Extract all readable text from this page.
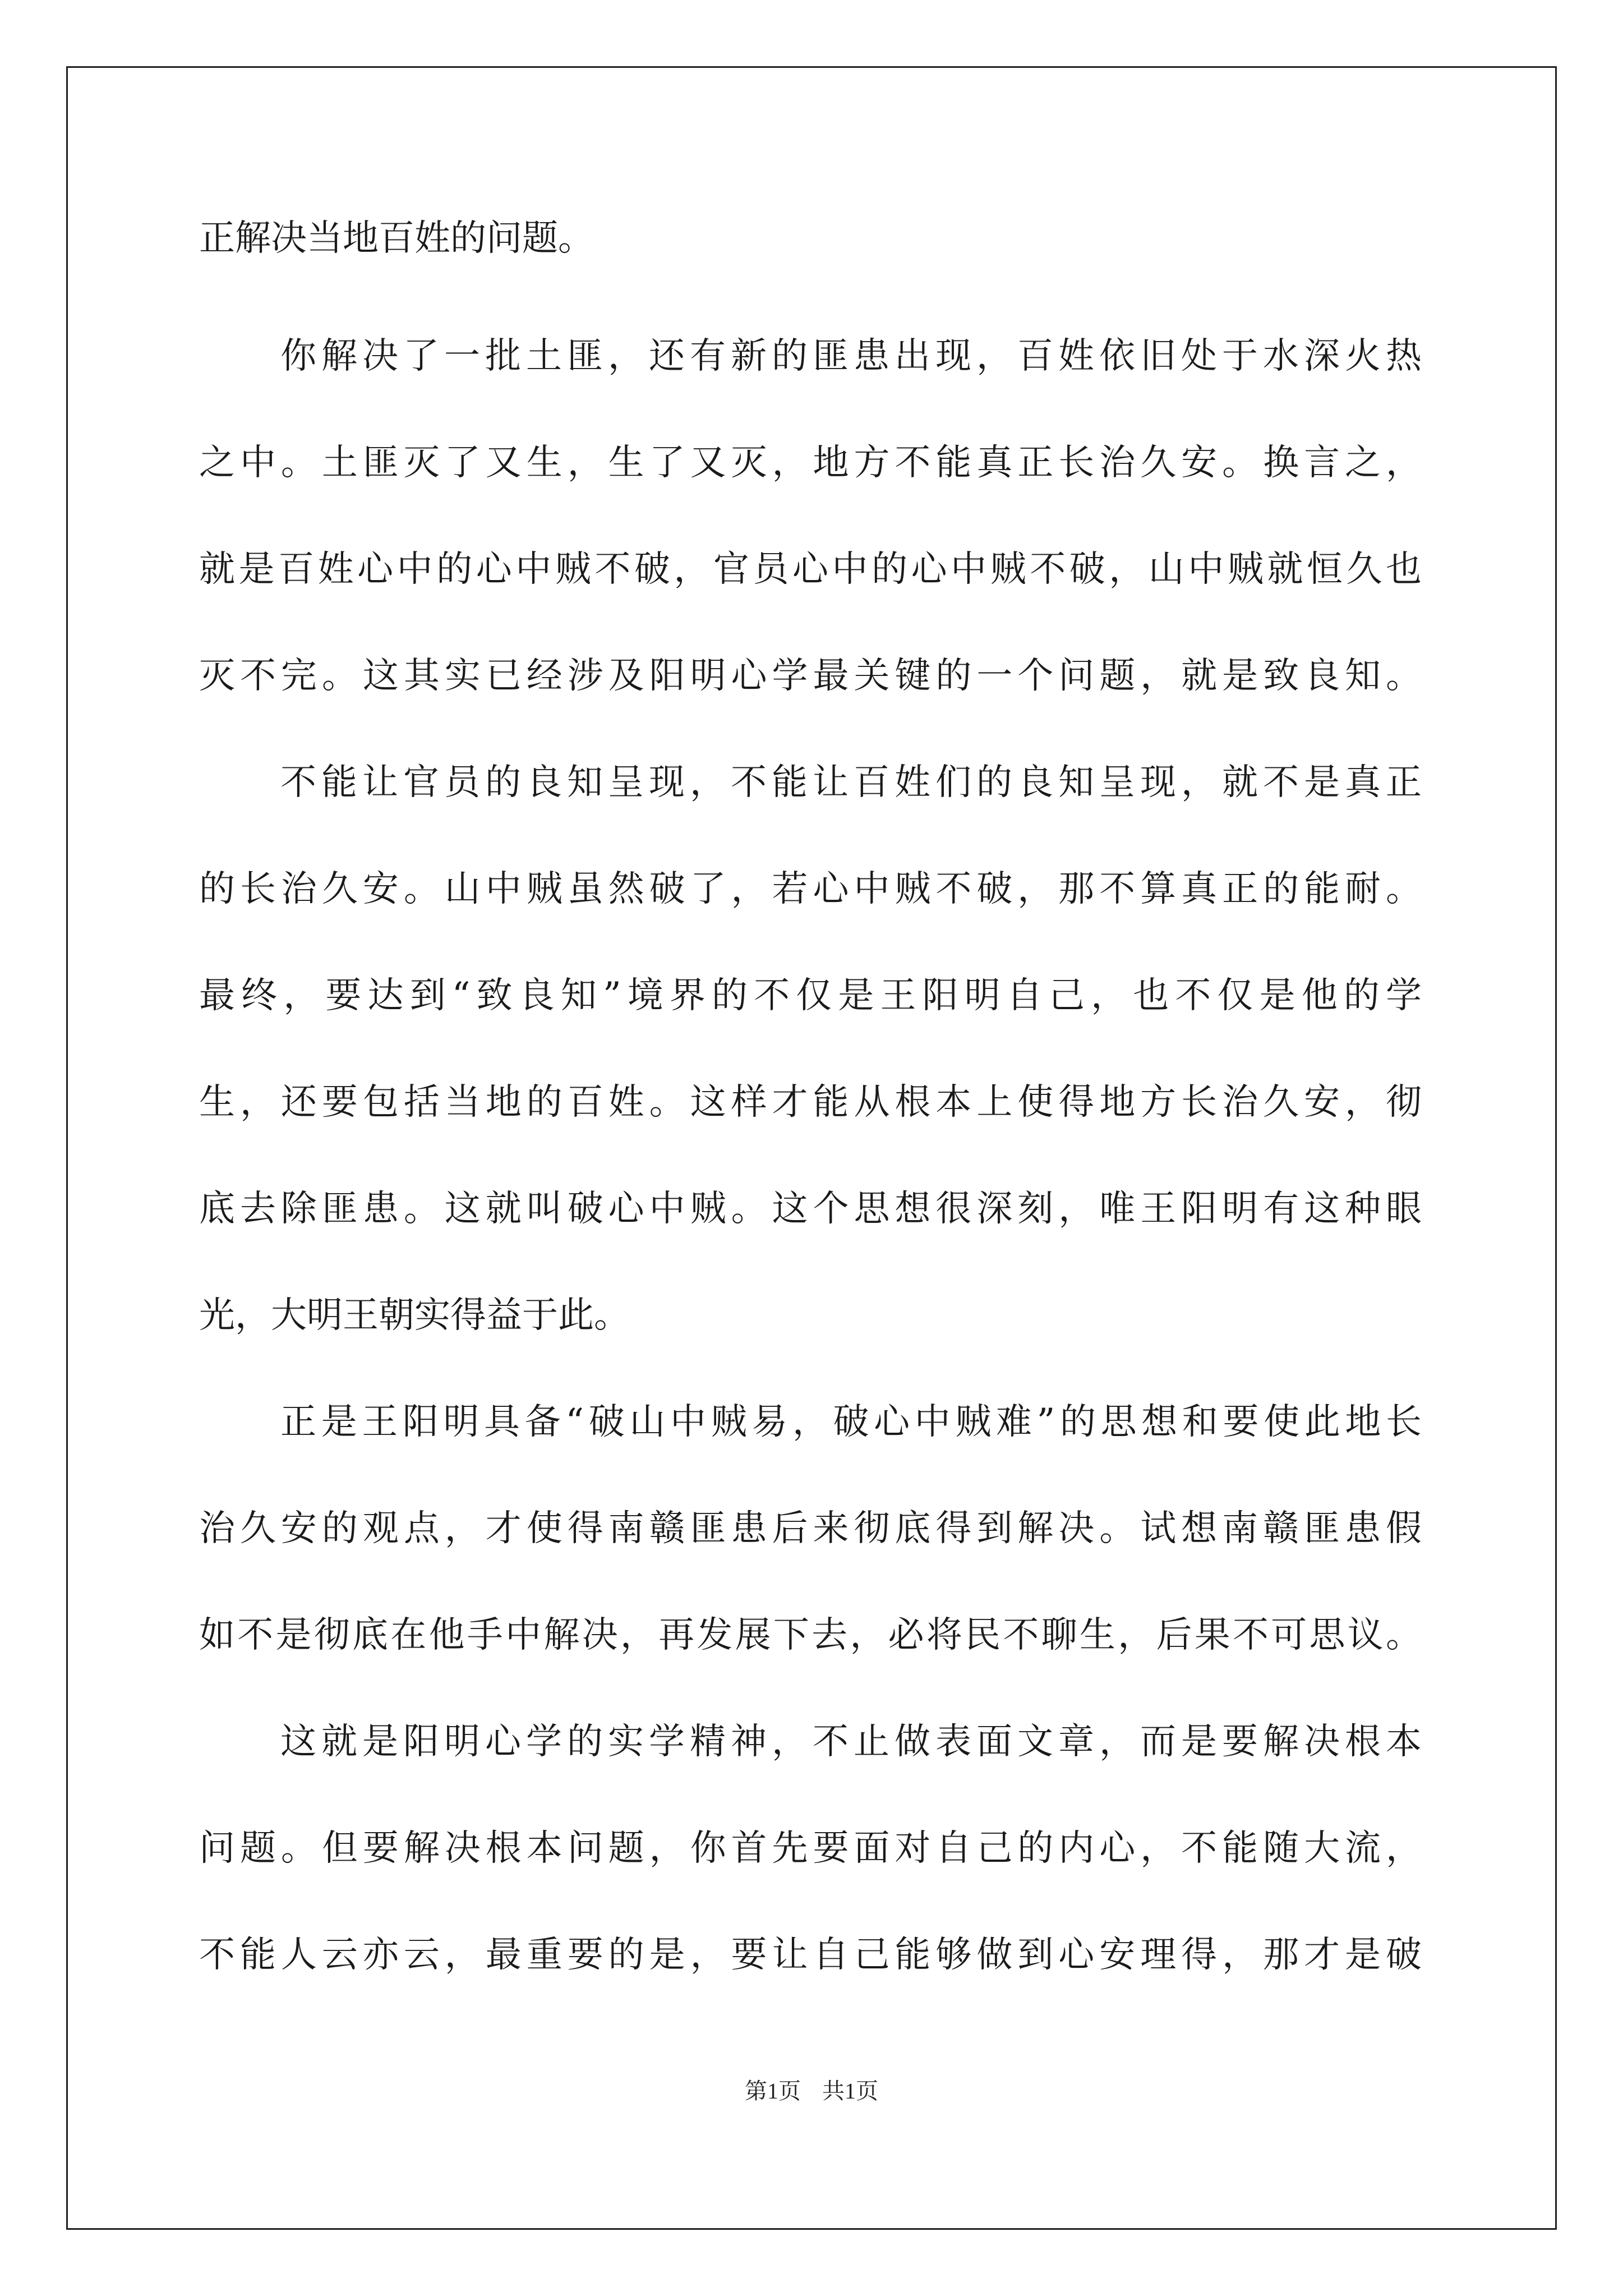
正解决当地百姓的问题。
你解决了一批土匪，还有新的匪患出现，百姓依旧处于水深火热
之中。土匪灭了又生，生了又灭，地方不能真正长治久安。换言之，
就是百姓心中的心中贼不破，官员心中的心中贼不破，山中贼就恒久也
灭不完。这其实已经涉及阳明心学最关键的一个问题，就是致良知。
不能让官员的良知呈现，不能让百姓们的良知呈现，就不是真正
的长治久安。山中贼虽然破了，若心中贼不破，那不算真正的能耐。
最终，要达到“致良知”境界的不仅是王阳明自己，也不仅是他的学
生，还要包括当地的百姓。这样才能从根本上使得地方长治久安，彻
底去除匪患。这就叫破心中贼。这个思想很深刻，唯王阳明有这种眼
光，大明王朝实得益于此。
正是王阳明具备“破山中贼易，破心中贼难”的思想和要使此地长
治久安的观点，才使得南赣匪患后来彻底得到解决。试想南赣匪患假
如不是彻底在他手中解决，再发展下去，必将民不聊生，后果不可思议。
这就是阳明心学的实学精神，不止做表面文章，而是要解决根本
问题。但要解决根本问题，你首先要面对自己的内心，不能随大流，
不能人云亦云，最重要的是，要让自己能够做到心安理得，那才是破
第1页 共1页
